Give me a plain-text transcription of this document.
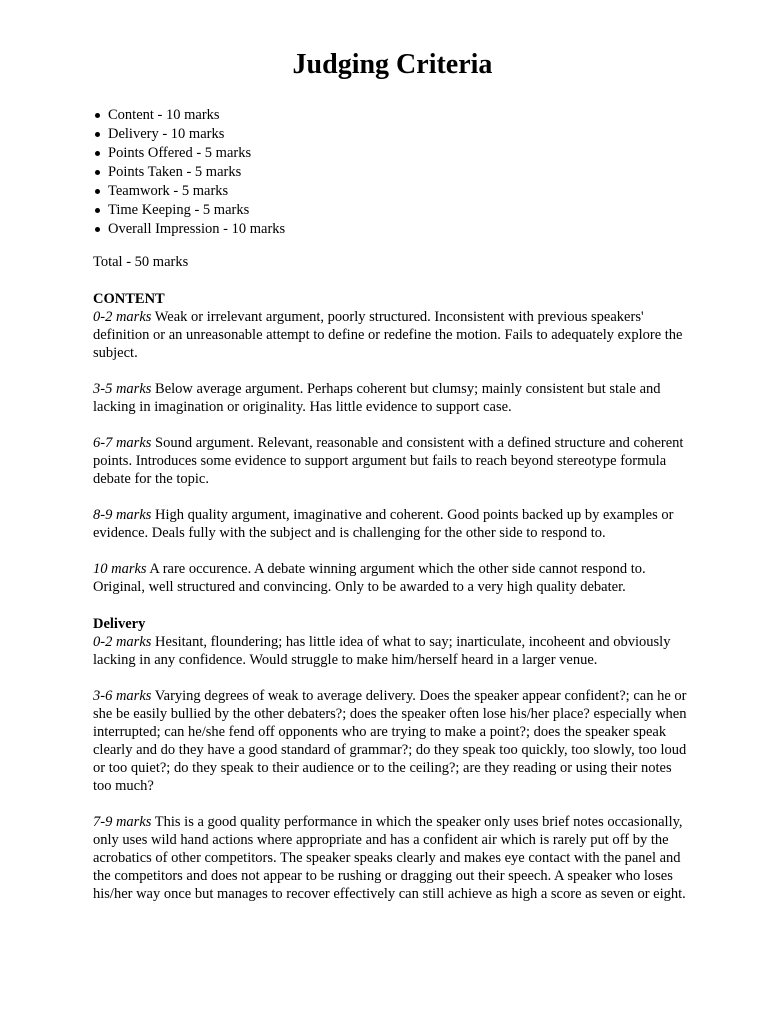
Judging Criteria
Content - 10 marks
Delivery - 10 marks
Points Offered - 5 marks
Points Taken - 5 marks
Teamwork - 5 marks
Time Keeping - 5 marks
Overall Impression - 10 marks

Total - 50 marks

CONTENT

0-2 marks Weak or irrelevant argument, poorly structured. Inconsistent with previous speakers' definition or an unreasonable attempt to define or redefine the motion. Fails to adequately explore the subject.

3-5 marks Below average argument. Perhaps coherent but clumsy; mainly consistent but stale and lacking in imagination or originality. Has little evidence to support case.

6-7 marks Sound argument. Relevant, reasonable and consistent with a defined structure and coherent points. Introduces some evidence to support argument but fails to reach beyond stereotype formula debate for the topic.

8-9 marks High quality argument, imaginative and coherent. Good points backed up by examples or evidence. Deals fully with the subject and is challenging for the other side to respond to.

10 marks A rare occurence. A debate winning argument which the other side cannot respond to. Original, well structured and convincing. Only to be awarded to a very high quality debater.

Delivery

0-2 marks Hesitant, floundering; has little idea of what to say; inarticulate, incoheent and obviously lacking in any confidence. Would struggle to make him/herself heard in a larger venue.

3-6 marks Varying degrees of weak to average delivery. Does the speaker appear confident?; can he or she be easily bullied by the other debaters?; does the speaker often lose his/her place? especially when interrupted; can he/she fend off opponents who are trying to make a point?; does the speaker speak clearly and do they have a good standard of grammar?; do they speak too quickly, too slowly, too loud or too quiet?; do they speak to their audience or to the ceiling?; are they reading or using their notes too much?

7-9 marks This is a good quality performance in which the speaker only uses brief notes occasionally, only uses wild hand actions where appropriate and has a confident air which is rarely put off by the acrobatics of other competitors. The speaker speaks clearly and makes eye contact with the panel and the competitors and does not appear to be rushing or dragging out their speech. A speaker who loses his/her way once but manages to recover effectively can still achieve as high a score as seven or eight.
